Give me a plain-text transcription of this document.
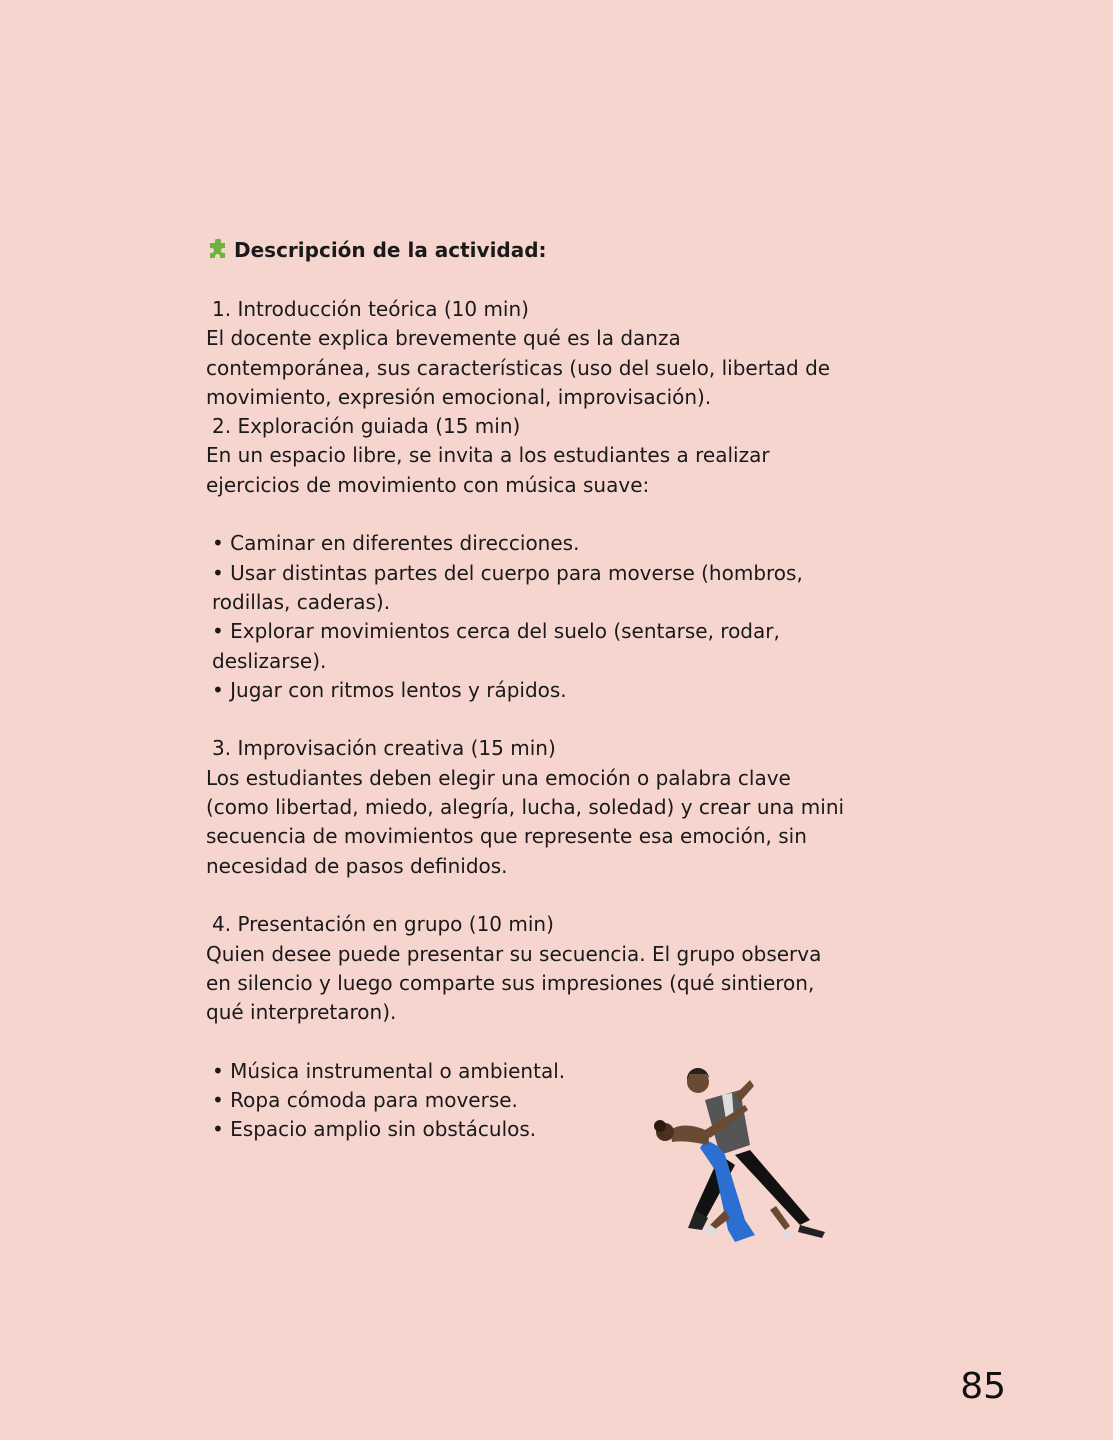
Descripción de la actividad:

1. Introducción teórica (10 min)

El docente explica brevemente qué es la danza contemporánea, sus características (uso del suelo, libertad de movimiento, expresión emocional, improvisación).

2. Exploración guiada (15 min)

En un espacio libre, se invita a los estudiantes a realizar ejercicios de movimiento con música suave:

• Caminar en diferentes direcciones.

• Usar distintas partes del cuerpo para moverse (hombros, rodillas, caderas).

• Explorar movimientos cerca del suelo (sentarse, rodar, deslizarse).

• Jugar con ritmos lentos y rápidos.

3. Improvisación creativa (15 min)

Los estudiantes deben elegir una emoción o palabra clave (como libertad, miedo, alegría, lucha, soledad) y crear una mini secuencia de movimientos que represente esa emoción, sin necesidad de pasos definidos.

4. Presentación en grupo (10 min)

Quien desee puede presentar su secuencia. El grupo observa en silencio y luego comparte sus impresiones (qué sintieron, qué interpretaron).

• Música instrumental o ambiental.

• Ropa cómoda para moverse.

• Espacio amplio sin obstáculos.

85
